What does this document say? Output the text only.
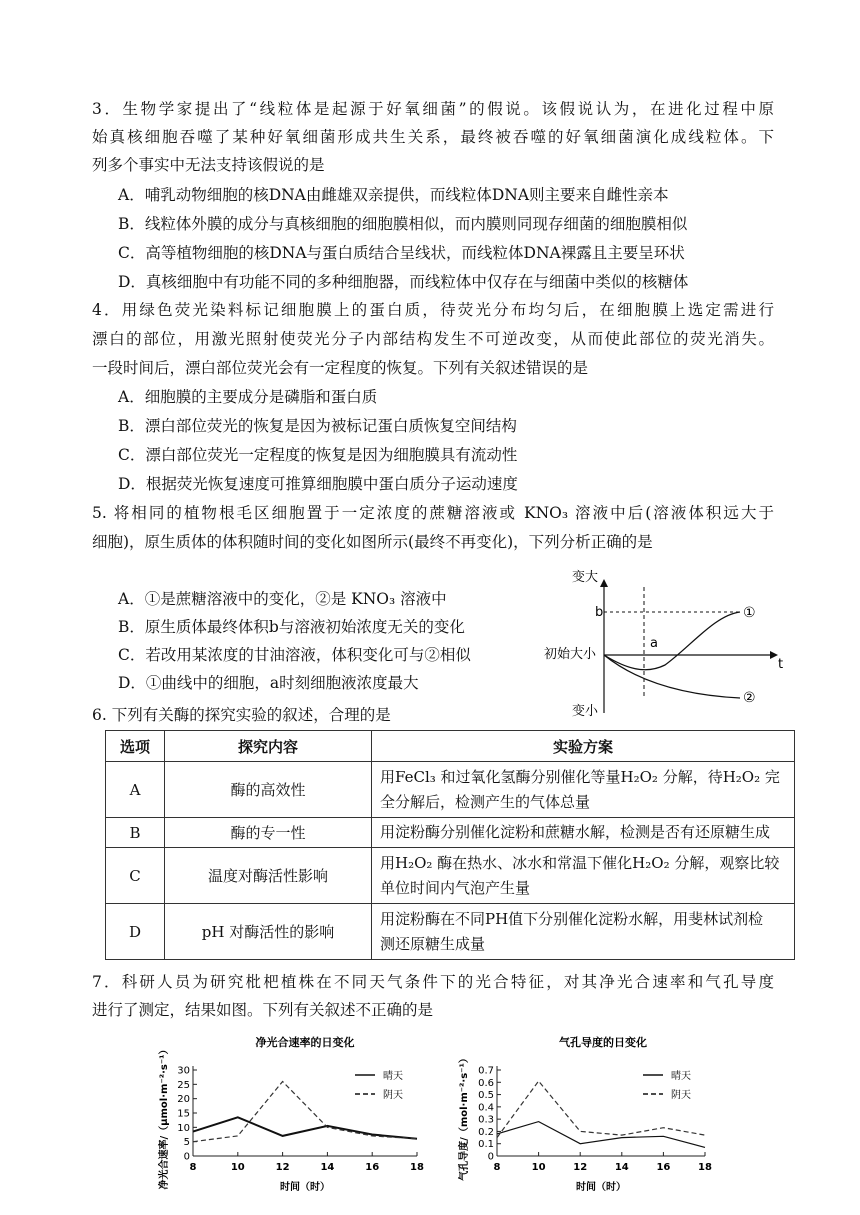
3．生物学家提出了“线粒体是起源于好氧细菌”的假说。该假说认为，在进化过程中原
始真核细胞吞噬了某种好氧细菌形成共生关系，最终被吞噬的好氧细菌演化成线粒体。下
列多个事实中无法支持该假说的是
A．哺乳动物细胞的核DNA由雌雄双亲提供，而线粒体DNA则主要来自雌性亲本
B．线粒体外膜的成分与真核细胞的细胞膜相似，而内膜则同现存细菌的细胞膜相似
C．高等植物细胞的核DNA与蛋白质结合呈线状，而线粒体DNA裸露且主要呈环状
D．真核细胞中有功能不同的多种细胞器，而线粒体中仅存在与细菌中类似的核糖体
4．用绿色荧光染料标记细胞膜上的蛋白质，待荧光分布均匀后，在细胞膜上选定需进行
漂白的部位，用激光照射使荧光分子内部结构发生不可逆改变，从而使此部位的荧光消失。
一段时间后，漂白部位荧光会有一定程度的恢复。下列有关叙述错误的是
A．细胞膜的主要成分是磷脂和蛋白质
B．漂白部位荧光的恢复是因为被标记蛋白质恢复空间结构
C．漂白部位荧光一定程度的恢复是因为细胞膜具有流动性
D．根据荧光恢复速度可推算细胞膜中蛋白质分子运动速度
5. 将相同的植物根毛区细胞置于一定浓度的蔗糖溶液或 KNO₃ 溶液中后(溶液体积远大于
细胞)，原生质体的体积随时间的变化如图所示(最终不再变化)，下列分析正确的是
A．①是蔗糖溶液中的变化，②是 KNO₃ 溶液中
B．原生质体最终体积b与溶液初始浓度无关的变化
C．若改用某浓度的甘油溶液，体积变化可与②相似
D．①曲线中的细胞，a时刻细胞液浓度最大
变大
b
a
初始大小
t
变小
①
②
6. 下列有关酶的探究实验的叙述，合理的是
选项	探究内容	实验方案
A	酶的高效性	用FeCl₃ 和过氧化氢酶分别催化等量H₂O₂ 分解，待H₂O₂ 完
全分解后，检测产生的气体总量

B	酶的专一性	用淀粉酶分别催化淀粉和蔗糖水解，检测是否有还原糖生成

C	温度对酶活性影响	用H₂O₂ 酶在热水、冰水和常温下催化H₂O₂ 分解，观察比较
单位时间内气泡产生量

D	pH 对酶活性的影响	用淀粉酶在不同PH值下分别催化淀粉水解，用斐林试剂检
测还原糖生成量
7．科研人员为研究枇杷植株在不同天气条件下的光合特征，对其净光合速率和气孔导度
进行了测定，结果如图。下列有关叙述不正确的是
净光合速率的日变化
净光合速率/（μmol·m⁻²·s⁻¹） 0
5
10
15
20
25
30
8	10	12	14	16	18
时间（时）
晴天
阴天
气孔导度的日变化
气孔导度/（mol·m⁻²·s⁻¹） 0
0.1
0.2
0.3
0.4
0.5
0.6
0.7
8	10	12	14	16	18
时间（时）
晴天
阴天
